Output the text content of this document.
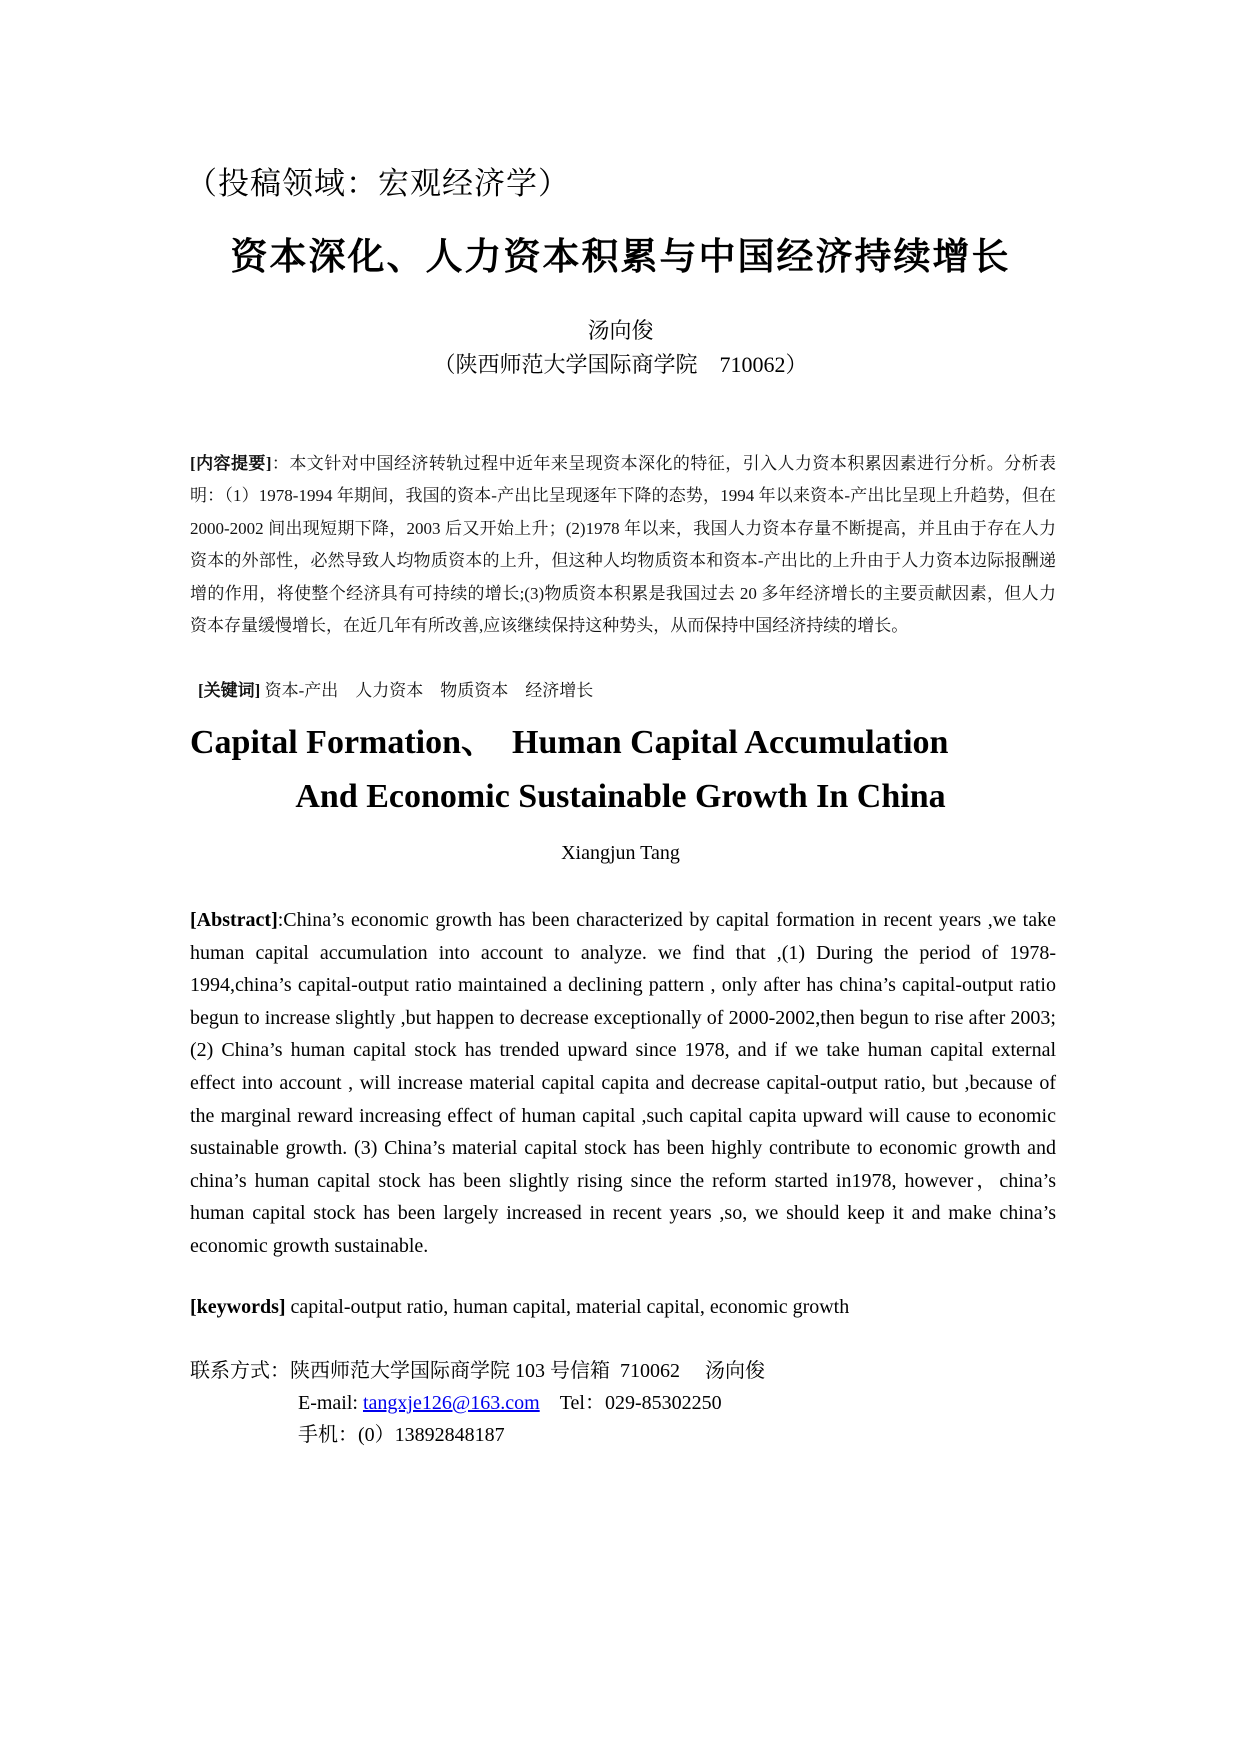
（投稿领域：宏观经济学）
资本深化、人力资本积累与中国经济持续增长
汤向俊
（陕西师范大学国际商学院　710062）
[内容提要]：本文针对中国经济转轨过程中近年来呈现资本深化的特征，引入人力资本积累因素进行分析。分析表明：（1）1978-1994 年期间，我国的资本-产出比呈现逐年下降的态势，1994 年以来资本-产出比呈现上升趋势，但在 2000-2002 间出现短期下降，2003 后又开始上升；(2)1978 年以来，我国人力资本存量不断提高，并且由于存在人力资本的外部性，必然导致人均物质资本的上升，但这种人均物质资本和资本-产出比的上升由于人力资本边际报酬递增的作用，将使整个经济具有可持续的增长;(3)物质资本积累是我国过去 20 多年经济增长的主要贡献因素，但人力资本存量缓慢增长，在近几年有所改善,应该继续保持这种势头，从而保持中国经济持续的增长。
[关键词] 资本-产出　人力资本　物质资本　经济增长
Capital Formation、　Human Capital Accumulation
And Economic Sustainable Growth In China
Xiangjun Tang
[Abstract]:China’s economic growth has been characterized by capital formation in recent years ,we take human capital accumulation into account to analyze. we find that ,(1) During the period of 1978-1994,china’s capital-output ratio maintained a declining pattern , only after has china’s capital-output ratio begun to increase slightly ,but happen to decrease exceptionally of 2000-2002,then begun to rise after 2003; (2) China’s human capital stock has trended upward since 1978, and if we take human capital external effect into account , will increase material capital capita and decrease capital-output ratio, but ,because of the marginal reward increasing effect of human capital ,such capital capita upward will cause to economic sustainable growth. (3) China’s material capital stock has been highly contribute to economic growth and china’s human capital stock has been slightly rising since the reform started in1978, however，china’s human capital stock has been largely increased in recent years ,so, we should keep it and make china’s economic growth sustainable.
[keywords] capital-output ratio, human capital, material capital, economic growth
联系方式：陕西师范大学国际商学院 103 号信箱  710062　 汤向俊
E-mail: tangxje126@163.com　Tel：029-85302250
手机：(0）13892848187
